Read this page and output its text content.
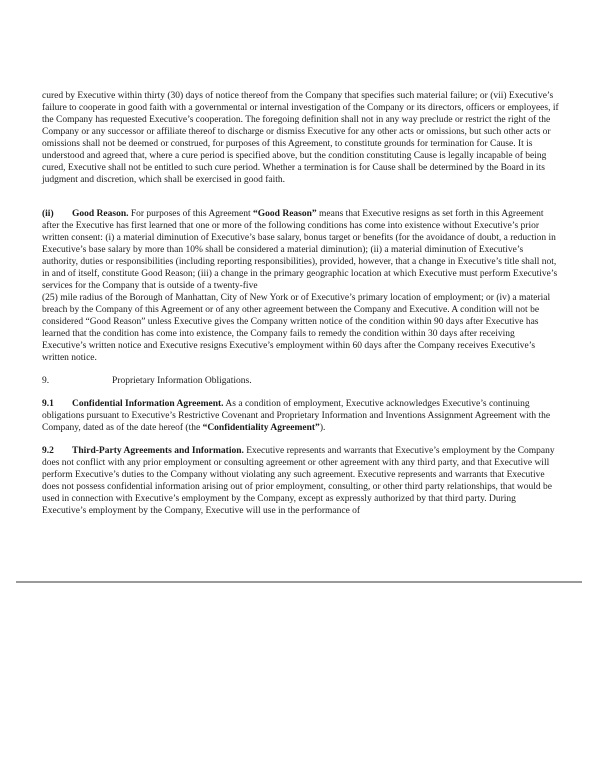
cured by Executive within thirty (30) days of notice thereof from the Company that specifies such material failure; or (vii) Executive’s failure to cooperate in good faith with a governmental or internal investigation of the Company or its directors, officers or employees, if the Company has requested Executive’s cooperation. The foregoing definition shall not in any way preclude or restrict the right of the Company or any successor or affiliate thereof to discharge or dismiss Executive for any other acts or omissions, but such other acts or omissions shall not be deemed or construed, for purposes of this Agreement, to constitute grounds for termination for Cause. It is understood and agreed that, where a cure period is specified above, but the condition constituting Cause is legally incapable of being cured, Executive shall not be entitled to such cure period. Whether a termination is for Cause shall be determined by the Board in its judgment and discretion, which shall be exercised in good faith.

(ii) Good Reason. For purposes of this Agreement “Good Reason” means that Executive resigns as set forth in this Agreement after the Executive has first learned that one or more of the following conditions has come into existence without Executive’s prior written consent: (i) a material diminution of Executive’s base salary, bonus target or benefits (for the avoidance of doubt, a reduction in Executive’s base salary by more than 10% shall be considered a material diminution); (ii) a material diminution of Executive’s authority, duties or responsibilities (including reporting responsibilities), provided, however, that a change in Executive’s title shall not, in and of itself, constitute Good Reason; (iii) a change in the primary geographic location at which Executive must perform Executive’s services for the Company that is outside of a twenty-five
(25) mile radius of the Borough of Manhattan, City of New York or of Executive’s primary location of employment; or (iv) a material breach by the Company of this Agreement or of any other agreement between the Company and Executive. A condition will not be considered “Good Reason” unless Executive gives the Company written notice of the condition within 90 days after Executive has learned that the condition has come into existence, the Company fails to remedy the condition within 30 days after receiving Executive’s written notice and Executive resigns Executive’s employment within 60 days after the Company receives Executive’s written notice.

9.	Proprietary Information Obligations.

9.1 Confidential Information Agreement. As a condition of employment, Executive acknowledges Executive’s continuing obligations pursuant to Executive’s Restrictive Covenant and Proprietary Information and Inventions Assignment Agreement with the Company, dated as of the date hereof (the “Confidentiality Agreement”).

9.2 Third-Party Agreements and Information. Executive represents and warrants that Executive’s employment by the Company does not conflict with any prior employment or consulting agreement or other agreement with any third party, and that Executive will perform Executive’s duties to the Company without violating any such agreement. Executive represents and warrants that Executive does not possess confidential information arising out of prior employment, consulting, or other third party relationships, that would be used in connection with Executive’s employment by the Company, except as expressly authorized by that third party. During Executive’s employment by the Company, Executive will use in the performance of
